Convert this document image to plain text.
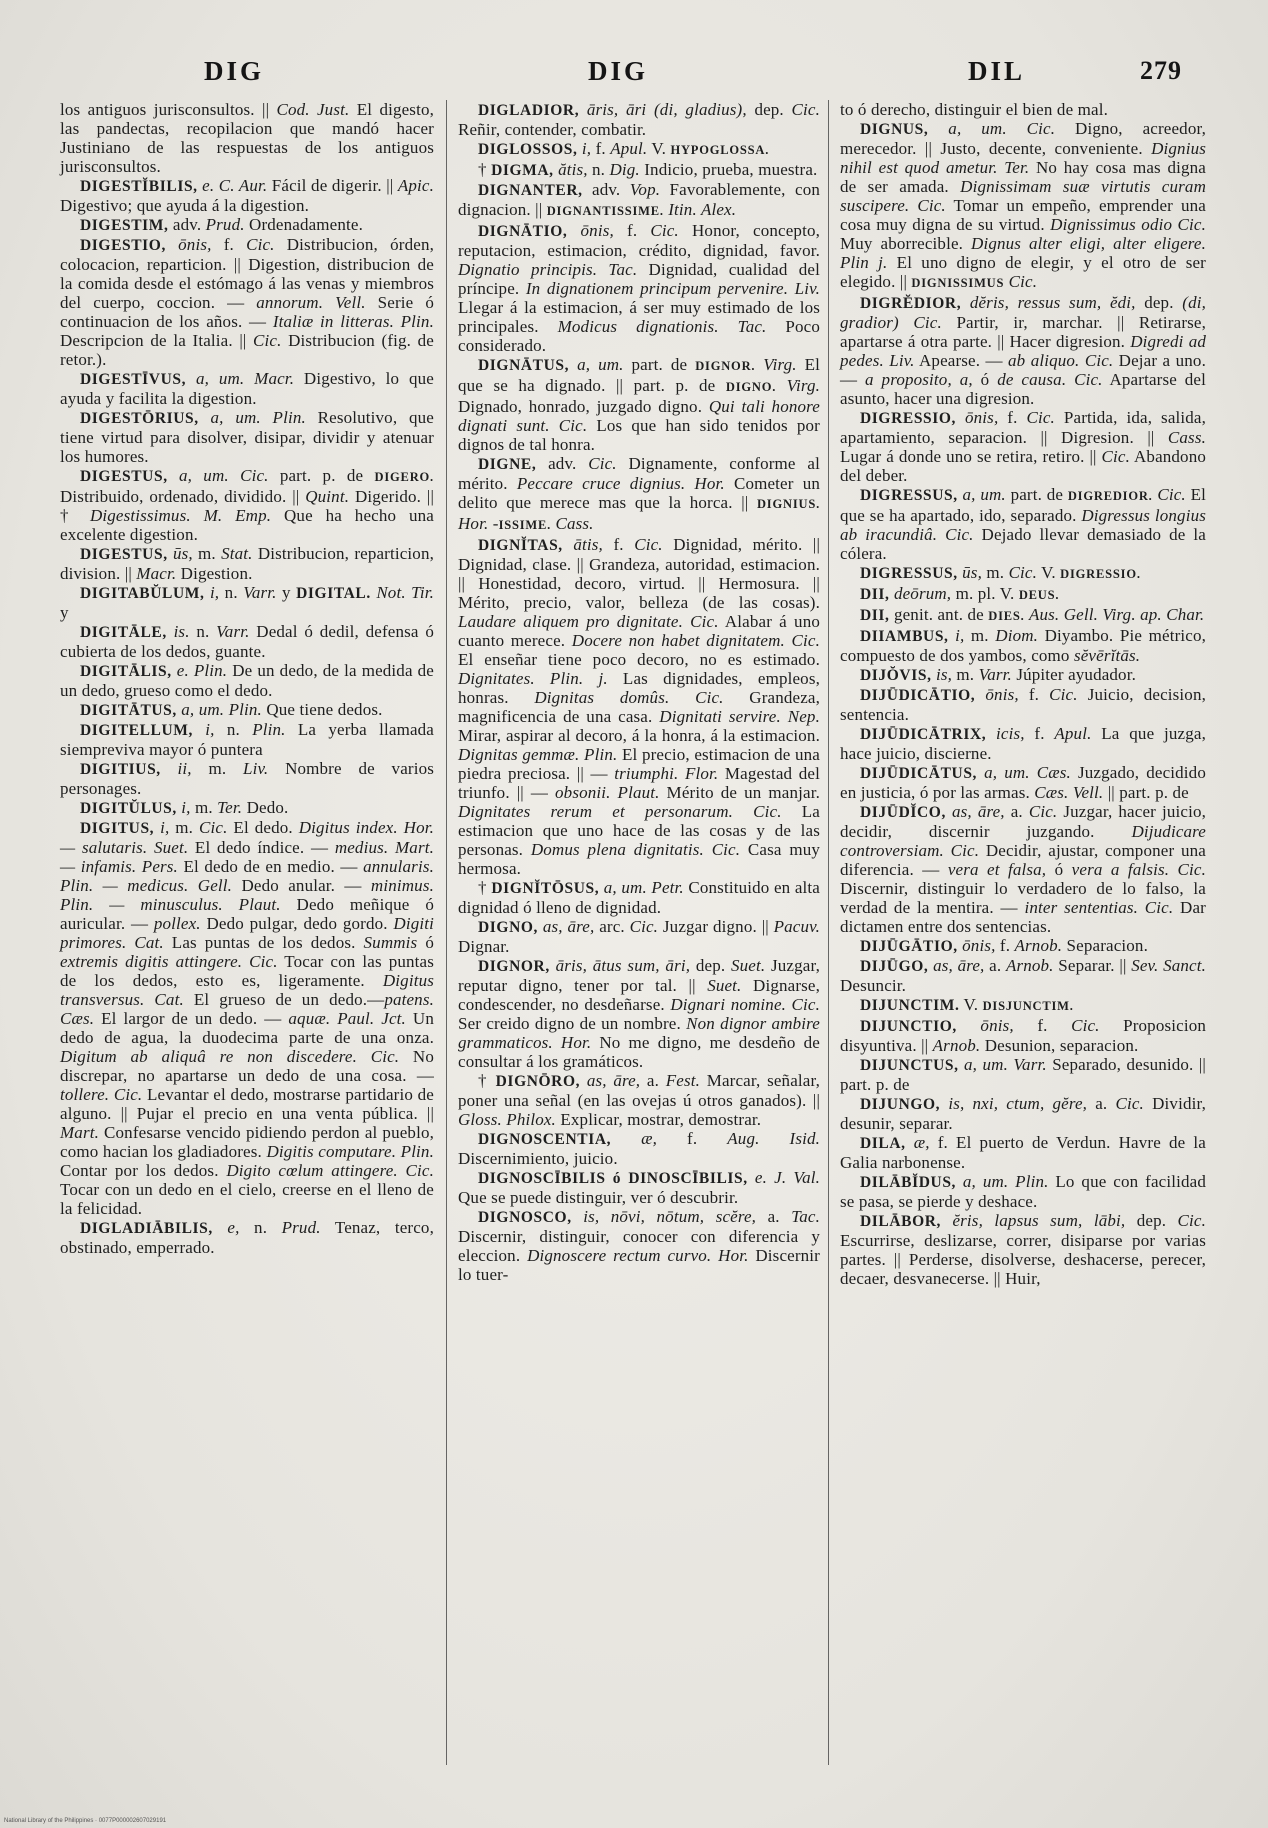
DIG	DIG	DIL	279

los antiguos jurisconsultos. || Cod. Just. El digesto, las pandectas, recopilacion que mandó hacer Justiniano de las respuestas de los antiguos jurisconsultos.

DIGESTĬBILIS, e. C. Aur. Fácil de digerir. || Apic. Digestivo; que ayuda á la digestion.

DIGESTIM, adv. Prud. Ordenadamente.

DIGESTIO, ōnis, f. Cic. Distribucion, órden, colocacion, reparticion. || Digestion, distribucion de la comida desde el estómago á las venas y miembros del cuerpo, coccion. — annorum. Vell. Serie ó continuacion de los años. — Italiæ in litteras. Plin. Descripcion de la Italia. || Cic. Distribucion (fig. de retor.).

DIGESTĪVUS, a, um. Macr. Digestivo, lo que ayuda y facilita la digestion.

DIGESTŌRIUS, a, um. Plin. Resolutivo, que tiene virtud para disolver, disipar, dividir y atenuar los humores.

DIGESTUS, a, um. Cic. part. p. de DIGERO. Distribuido, ordenado, dividido. || Quint. Digerido. || † Digestissimus. M. Emp. Que ha hecho una excelente digestion.

DIGESTUS, ūs, m. Stat. Distribucion, reparticion, division. || Macr. Digestion.

DIGITABŬLUM, i, n. Varr. y DIGITAL. Not. Tir. y

DIGITĀLE, is. n. Varr. Dedal ó dedil, defensa ó cubierta de los dedos, guante.

DIGITĀLIS, e. Plin. De un dedo, de la medida de un dedo, grueso como el dedo.

DIGITĀTUS, a, um. Plin. Que tiene dedos.

DIGITELLUM, i, n. Plin. La yerba llamada siempreviva mayor ó puntera

DIGITIUS, ii, m. Liv. Nombre de varios personages.

DIGITŬLUS, i, m. Ter. Dedo.

DIGITUS, i, m. Cic. El dedo. Digitus index. Hor. — salutaris. Suet. El dedo índice. — medius. Mart. — infamis. Pers. El dedo de en medio. — annularis. Plin. — medicus. Gell. Dedo anular. — minimus. Plin. — minusculus. Plaut. Dedo meñique ó auricular. — pollex. Dedo pulgar, dedo gordo. Digiti primores. Cat. Las puntas de los dedos. Summis ó extremis digitis attingere. Cic. Tocar con las puntas de los dedos, esto es, ligeramente. Digitus transversus. Cat. El grueso de un dedo.—patens. Cæs. El largor de un dedo. — aquæ. Paul. Jct. Un dedo de agua, la duodecima parte de una onza. Digitum ab aliquâ re non discedere. Cic. No discrepar, no apartarse un dedo de una cosa. — tollere. Cic. Levantar el dedo, mostrarse partidario de alguno. || Pujar el precio en una venta pública. || Mart. Confesarse vencido pidiendo perdon al pueblo, como hacian los gladiadores. Digitis computare. Plin. Contar por los dedos. Digito cœlum attingere. Cic. Tocar con un dedo en el cielo, creerse en el lleno de la felicidad.

DIGLADIĀBILIS, e, n. Prud. Tenaz, terco, obstinado, emperrado.

DIGLADIOR, āris, āri (di, gladius), dep. Cic. Reñir, contender, combatir.

DIGLOSSOS, i, f. Apul. V. HYPOGLOSSA.

† DIGMA, ătis, n. Dig. Indicio, prueba, muestra.

DIGNANTER, adv. Vop. Favorablemente, con dignacion. || DIGNANTISSIME. Itin. Alex.

DIGNĀTIO, ōnis, f. Cic. Honor, concepto, reputacion, estimacion, crédito, dignidad, favor. Dignatio principis. Tac. Dignidad, cualidad del príncipe. In dignationem principum pervenire. Liv. Llegar á la estimacion, á ser muy estimado de los principales. Modicus dignationis. Tac. Poco considerado.

DIGNĀTUS, a, um. part. de DIGNOR. Virg. El que se ha dignado. || part. p. de DIGNO. Virg. Dignado, honrado, juzgado digno. Qui tali honore dignati sunt. Cic. Los que han sido tenidos por dignos de tal honra.

DIGNE, adv. Cic. Dignamente, conforme al mérito. Peccare cruce dignius. Hor. Cometer un delito que merece mas que la horca. || DIGNIUS. Hor. -ISSIME. Cass.

DIGNĬTAS, ātis, f. Cic. Dignidad, mérito. || Dignidad, clase. || Grandeza, autoridad, estimacion. || Honestidad, decoro, virtud. || Hermosura. || Mérito, precio, valor, belleza (de las cosas). Laudare aliquem pro dignitate. Cic. Alabar á uno cuanto merece. Docere non habet dignitatem. Cic. El enseñar tiene poco decoro, no es estimado. Dignitates. Plin. j. Las dignidades, empleos, honras. Dignitas domûs. Cic. Grandeza, magnificencia de una casa. Dignitati servire. Nep. Mirar, aspirar al decoro, á la honra, á la estimacion. Dignitas gemmæ. Plin. El precio, estimacion de una piedra preciosa. || — triumphi. Flor. Magestad del triunfo. || — obsonii. Plaut. Mérito de un manjar. Dignitates rerum et personarum. Cic. La estimacion que uno hace de las cosas y de las personas. Domus plena dignitatis. Cic. Casa muy hermosa.

† DIGNĬTŌSUS, a, um. Petr. Constituido en alta dignidad ó lleno de dignidad.

DIGNO, as, āre, arc. Cic. Juzgar digno. || Pacuv. Dignar.

DIGNOR, āris, ātus sum, āri, dep. Suet. Juzgar, reputar digno, tener por tal. || Suet. Dignarse, condescender, no desdeñarse. Dignari nomine. Cic. Ser creido digno de un nombre. Non dignor ambire grammaticos. Hor. No me digno, me desdeño de consultar á los gramáticos.

† DIGNŌRO, as, āre, a. Fest. Marcar, señalar, poner una señal (en las ovejas ú otros ganados). || Gloss. Philox. Explicar, mostrar, demostrar.

DIGNOSCENTIA, æ, f. Aug. Isid. Discernimiento, juicio.

DIGNOSCĪBILIS ó DINOSCĪBILIS, e. J. Val. Que se puede distinguir, ver ó descubrir.

DIGNOSCO, is, nōvi, nōtum, scĕre, a. Tac. Discernir, distinguir, conocer con diferencia y eleccion. Dignoscere rectum curvo. Hor. Discernir lo tuer-

to ó derecho, distinguir el bien de mal.

DIGNUS, a, um. Cic. Digno, acreedor, merecedor. || Justo, decente, conveniente. Dignius nihil est quod ametur. Ter. No hay cosa mas digna de ser amada. Dignissimam suæ virtutis curam suscipere. Cic. Tomar un empeño, emprender una cosa muy digna de su virtud. Dignissimus odio Cic. Muy aborrecible. Dignus alter eligi, alter eligere. Plin j. El uno digno de elegir, y el otro de ser elegido. || DIGNISSIMUS Cic.

DIGRĔDIOR, dĕris, ressus sum, ĕdi, dep. (di, gradior) Cic. Partir, ir, marchar. || Retirarse, apartarse á otra parte. || Hacer digresion. Digredi ad pedes. Liv. Apearse. — ab aliquo. Cic. Dejar a uno. — a proposito, a, ó de causa. Cic. Apartarse del asunto, hacer una digresion.

DIGRESSIO, ōnis, f. Cic. Partida, ida, salida, apartamiento, separacion. || Digresion. || Cass. Lugar á donde uno se retira, retiro. || Cic. Abandono del deber.

DIGRESSUS, a, um. part. de DIGREDIOR. Cic. El que se ha apartado, ido, separado. Digressus longius ab iracundiâ. Cic. Dejado llevar demasiado de la cólera.

DIGRESSUS, ūs, m. Cic. V. DIGRESSIO.

DII, deōrum, m. pl. V. DEUS.

DII, genit. ant. de DIES. Aus. Gell. Virg. ap. Char.

DIIAMBUS, i, m. Diom. Diyambo. Pie métrico, compuesto de dos yambos, como sĕvērĭtās.

DIJŎVIS, is, m. Varr. Júpiter ayudador.

DIJŪDICĀTIO, ōnis, f. Cic. Juicio, decision, sentencia.

DIJŪDICĀTRIX, icis, f. Apul. La que juzga, hace juicio, discierne.

DIJŪDICĀTUS, a, um. Cæs. Juzgado, decidido en justicia, ó por las armas. Cæs. Vell. || part. p. de

DIJŪDĬCO, as, āre, a. Cic. Juzgar, hacer juicio, decidir, discernir juzgando. Dijudicare controversiam. Cic. Decidir, ajustar, componer una diferencia. — vera et falsa, ó vera a falsis. Cic. Discernir, distinguir lo verdadero de lo falso, la verdad de la mentira. — inter sententias. Cic. Dar dictamen entre dos sentencias.

DIJŪGĀTIO, ōnis, f. Arnob. Separacion.

DIJŪGO, as, āre, a. Arnob. Separar. || Sev. Sanct. Desuncir.

DIJUNCTIM. V. DISJUNCTIM.

DIJUNCTIO, ōnis, f. Cic. Proposicion disyuntiva. || Arnob. Desunion, separacion.

DIJUNCTUS, a, um. Varr. Separado, desunido. || part. p. de

DIJUNGO, is, nxi, ctum, gĕre, a. Cic. Dividir, desunir, separar.

DILA, æ, f. El puerto de Verdun. Havre de la Galia narbonense.

DILĀBĬDUS, a, um. Plin. Lo que con facilidad se pasa, se pierde y deshace.

DILĀBOR, ĕris, lapsus sum, lābi, dep. Cic. Escurrirse, deslizarse, correr, disiparse por varias partes. || Perderse, disolverse, deshacerse, perecer, decaer, desvanecerse. || Huir,

National Library of the Philippines · 0077P000002607029191
